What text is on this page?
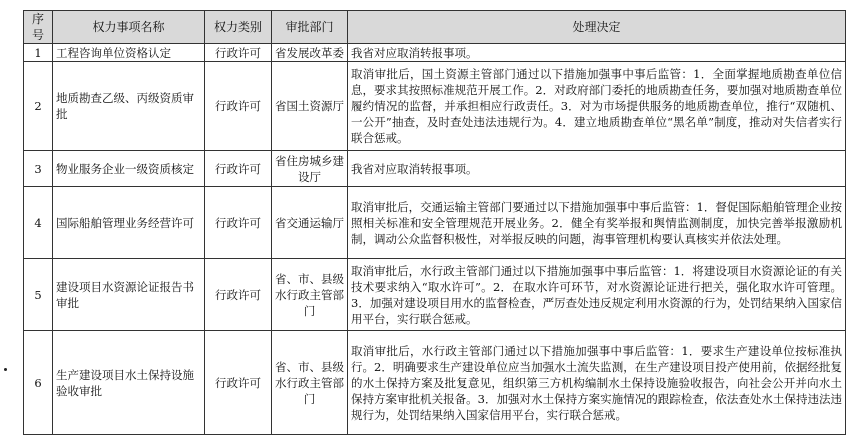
序号	权力事项名称	权力类别	审批部门	处理决定
1	工程咨询单位资格认定	行政许可	省发展改革委	我省对应取消转报事项。
2	地质勘查乙级、丙级资质审批	行政许可	省国土资源厅	取消审批后，国土资源主管部门通过以下措施加强事中事后监管：1．全面掌握地质勘查单位信息，要求其按照标准规范开展工作。2．对政府部门委托的地质勘查任务，要加强对地质勘查单位履约情况的监督，并承担相应行政责任。3．对为市场提供服务的地质勘查单位，推行“双随机、一公开”抽查，及时查处违法违规行为。4．建立地质勘查单位“黑名单”制度，推动对失信者实行联合惩戒。
3	物业服务企业一级资质核定	行政许可	省住房城乡建设厅	我省对应取消转报事项。
4	国际船舶管理业务经营许可	行政许可	省交通运输厅	取消审批后，交通运输主管部门要通过以下措施加强事中事后监管：1．督促国际船舶管理企业按照相关标准和安全管理规范开展业务。2．健全有奖举报和舆情监测制度，加快完善举报激励机制，调动公众监督积极性，对举报反映的问题，海事管理机构要认真核实并依法处理。
5	建设项目水资源论证报告书审批	行政许可	省、市、县级水行政主管部门	取消审批后，水行政主管部门通过以下措施加强事中事后监管：1．将建设项目水资源论证的有关技术要求纳入“取水许可”。2．在取水许可环节，对水资源论证进行把关，强化取水许可管理。3．加强对建设项目用水的监督检查，严厉查处违反规定利用水资源的行为，处罚结果纳入国家信用平台，实行联合惩戒。
6	生产建设项目水土保持设施验收审批	行政许可	省、市、县级水行政主管部门	取消审批后，水行政主管部门通过以下措施加强事中事后监管：1．要求生产建设单位按标准执行。2．明确要求生产建设单位应当加强水土流失监测，在生产建设项目投产使用前，依据经批复的水土保持方案及批复意见，组织第三方机构编制水土保持设施验收报告，向社会公开并向水土保持方案审批机关报备。3．加强对水土保持方案实施情况的跟踪检查，依法查处水土保持违法违规行为，处罚结果纳入国家信用平台，实行联合惩戒。
